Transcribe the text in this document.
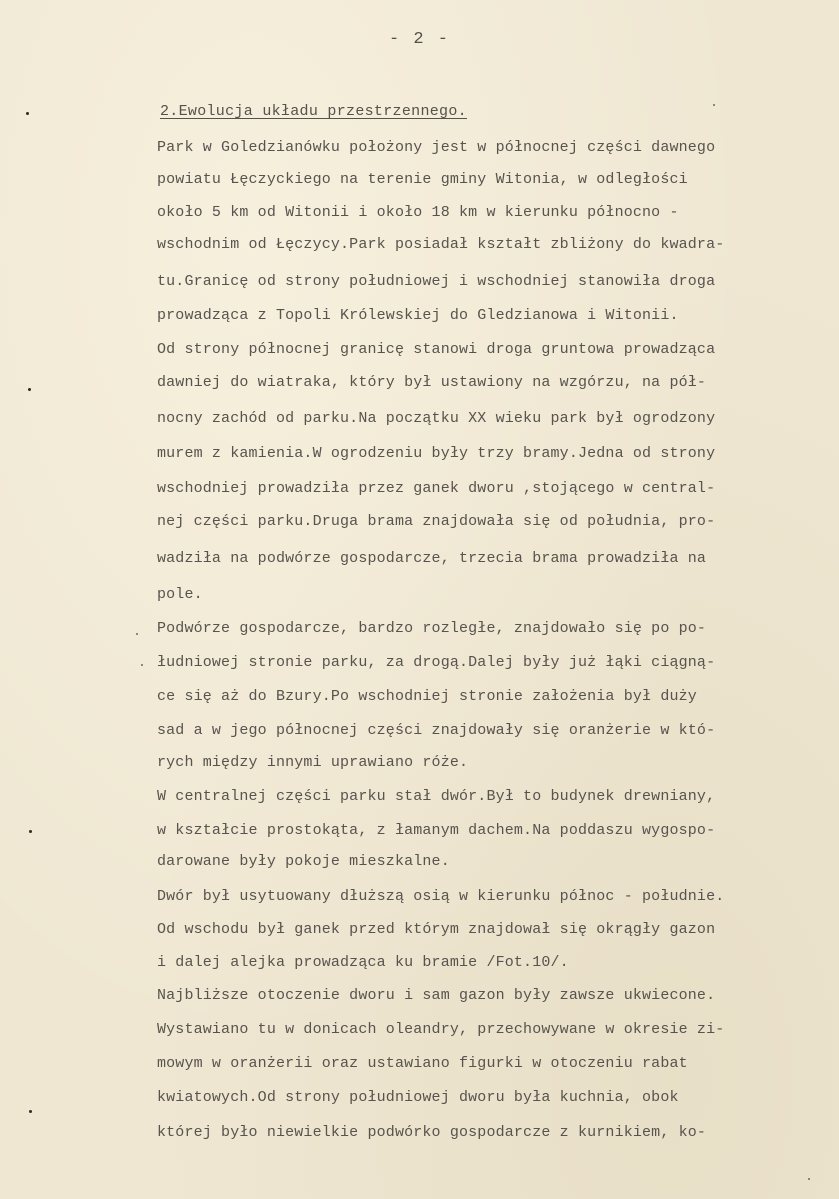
- 2 -
2.Ewolucja układu przestrzennego.
Park w Goledzianówku położony jest w północnej części dawnego
powiatu Łęczyckiego na terenie gminy Witonia, w odległości
około 5 km od Witonii i około 18 km w kierunku północno -
wschodnim od Łęczycy.Park posiadał kształt zbliżony do kwadra-
tu.Granicę od strony południowej i wschodniej stanowiła droga
prowadząca z Topoli Królewskiej do Gledzianowa i Witonii.
Od strony północnej granicę stanowi droga gruntowa prowadząca
dawniej do wiatraka, który był ustawiony na wzgórzu, na pół-
nocny zachód od parku.Na początku XX wieku park był ogrodzony
murem z kamienia.W ogrodzeniu były trzy bramy.Jedna od strony
wschodniej prowadziła przez ganek dworu ,stojącego w central-
nej części parku.Druga brama znajdowała się od południa, pro-
wadziła na podwórze gospodarcze, trzecia brama prowadziła na
pole.
Podwórze gospodarcze, bardzo rozległe, znajdowało się po po-
łudniowej stronie parku, za drogą.Dalej były już łąki ciągną-
ce się aż do Bzury.Po wschodniej stronie założenia był duży
sad a w jego północnej części znajdowały się oranżerie w któ-
rych między innymi uprawiano róże.
W centralnej części parku stał dwór.Był to budynek drewniany,
w kształcie prostokąta, z łamanym dachem.Na poddaszu wygospo-
darowane były pokoje mieszkalne.
Dwór był usytuowany dłuższą osią w kierunku północ - południe.
Od wschodu był ganek przed którym znajdował się okrągły gazon
i dalej alejka prowadząca ku bramie /Fot.10/.
Najbliższe otoczenie dworu i sam gazon były zawsze ukwiecone.
Wystawiano tu w donicach oleandry, przechowywane w okresie zi-
mowym w oranżerii oraz ustawiano figurki w otoczeniu rabat
kwiatowych.Od strony południowej dworu była kuchnia, obok
której było niewielkie podwórko gospodarcze z kurnikiem, ko-
